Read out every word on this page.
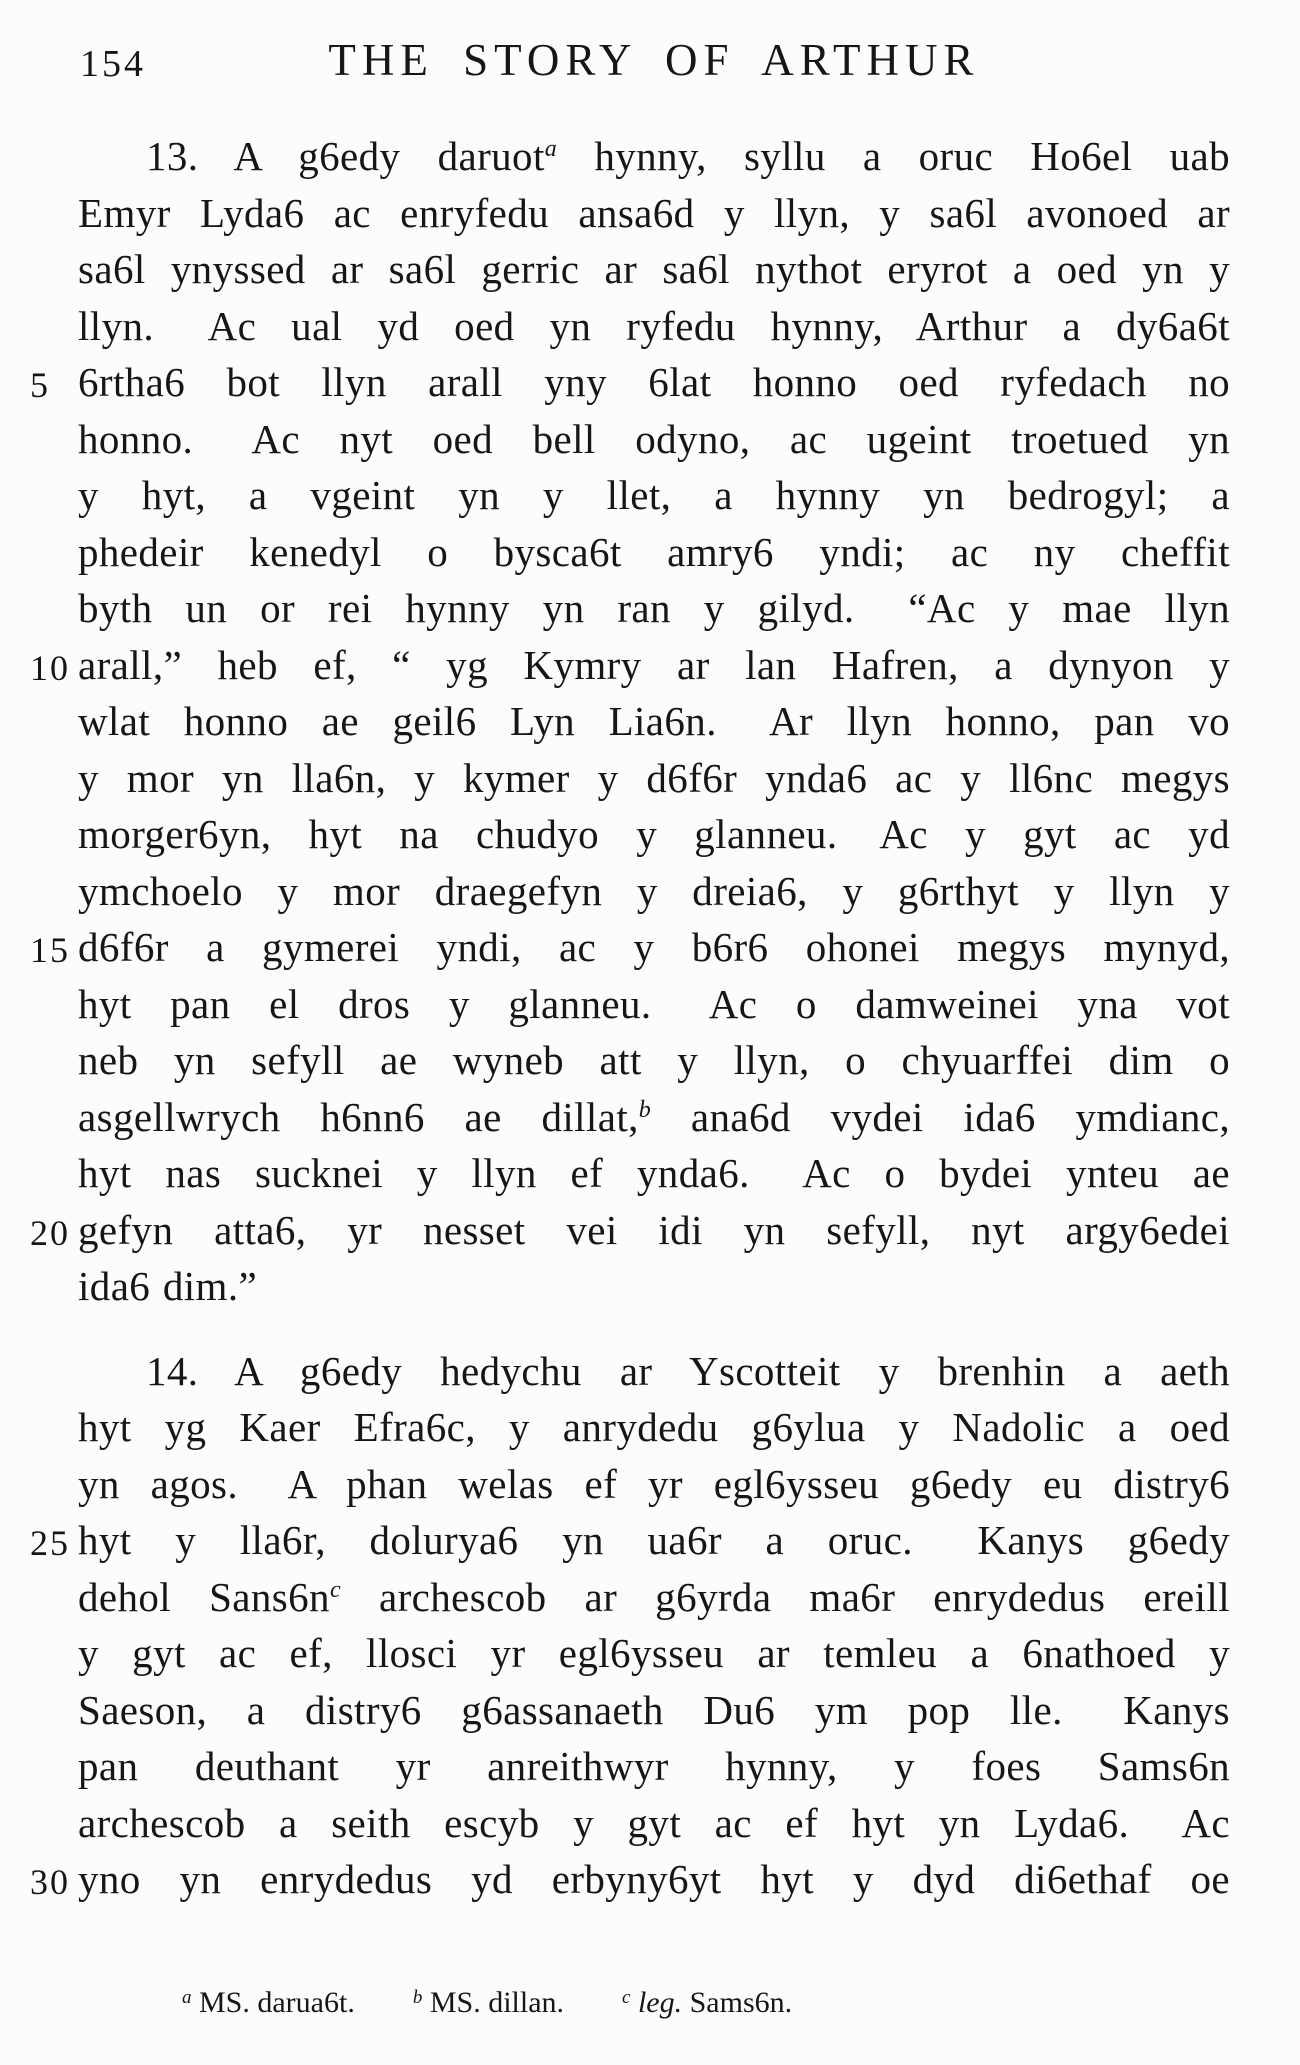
154	THE STORY OF ARTHUR
13. A g6edy daruot$^a$ hynny, syllu a oruc Ho6el uab
Emyr Lyda6 ac enryfedu ansa6d y llyn, y sa6l avonoed ar
sa6l ynyssed ar sa6l gerric ar sa6l nythot eryrot a oed yn y
llyn.  Ac ual yd oed yn ryfedu hynny, Arthur a dy6a6t
5 6rtha6 bot llyn arall yny 6lat honno oed ryfedach no
honno.  Ac nyt oed bell odyno, ac ugeint troetued yn
y hyt, a vgeint yn y llet, a hynny yn bedrogyl; a
phedeir kenedyl o bysca6t amry6 yndi; ac ny cheffit
byth un or rei hynny yn ran y gilyd.  “Ac y mae llyn
10 arall,” heb ef, “ yg Kymry ar lan Hafren, a dynyon y
wlat honno ae geil6 Lyn Lia6n.  Ar llyn honno, pan vo
y mor yn lla6n, y kymer y d6f6r ynda6 ac y ll6nc megys
morger6yn, hyt na chudyo y glanneu.  Ac y gyt ac yd
ymchoelo y mor draegefyn y dreia6, y g6rthyt y llyn y
15 d6f6r a gymerei yndi, ac y b6r6 ohonei megys mynyd,
hyt pan el dros y glanneu.  Ac o damweinei yna vot
neb yn sefyll ae wyneb att y llyn, o chyuarffei dim o
asgellwrych h6nn6 ae dillat,$^b$ ana6d vydei ida6 ymdianc,
hyt nas sucknei y llyn ef ynda6.  Ac o bydei ynteu ae
20 gefyn atta6, yr nesset vei idi yn sefyll, nyt argy6edei
ida6 dim.”
14. A g6edy hedychu ar Yscotteit y brenhin a aeth
hyt yg Kaer Efra6c, y anrydedu g6ylua y Nadolic a oed
yn agos.  A phan welas ef yr egl6ysseu g6edy eu distry6
25 hyt y lla6r, dolurya6 yn ua6r a oruc.  Kanys g6edy
dehol Sans6n$^c$ archescob ar g6yrda ma6r enrydedus ereill
y gyt ac ef, llosci yr egl6ysseu ar temleu a 6nathoed y
Saeson, a distry6 g6assanaeth Du6 ym pop lle.  Kanys
pan deuthant yr anreithwyr hynny, y foes Sams6n
archescob a seith escyb y gyt ac ef hyt yn Lyda6.  Ac
30 yno yn enrydedus yd erbyny6yt hyt y dyd di6ethaf oe
$^a$ MS. darua6t.	$^b$ MS. dillan.	$^c$ leg. Sams6n.
